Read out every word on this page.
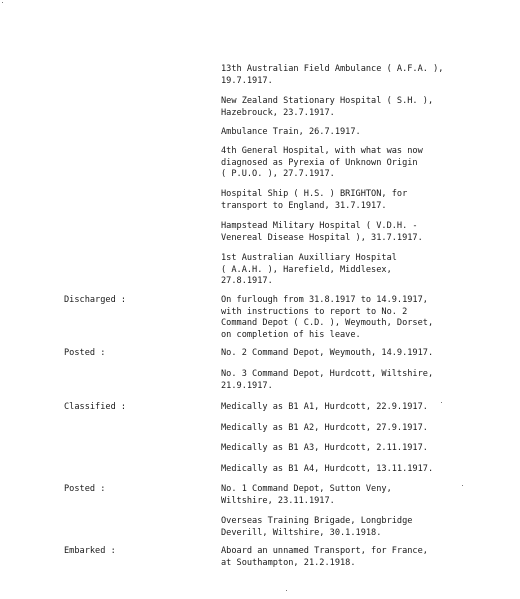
Discharged :
Posted :
Classified :
Posted :
Embarked :
13th Australian Field Ambulance ( A.F.A. ),
19.7.1917.
New Zealand Stationary Hospital ( S.H. ),
Hazebrouck, 23.7.1917.
Ambulance Train, 26.7.1917.
4th General Hospital, with what was now
diagnosed as Pyrexia of Unknown Origin
( P.U.O. ), 27.7.1917.
Hospital Ship ( H.S. ) BRIGHTON, for
transport to England, 31.7.1917.
Hampstead Military Hospital ( V.D.H. -
Venereal Disease Hospital ), 31.7.1917.
1st Australian Auxilliary Hospital
( A.A.H. ), Harefield, Middlesex,
27.8.1917.
On furlough from 31.8.1917 to 14.9.1917,
with instructions to report to No. 2
Command Depot ( C.D. ), Weymouth, Dorset,
on completion of his leave.
No. 2 Command Depot, Weymouth, 14.9.1917.
No. 3 Command Depot, Hurdcott, Wiltshire,
21.9.1917.
Medically as B1 A1, Hurdcott, 22.9.1917.
Medically as B1 A2, Hurdcott, 27.9.1917.
Medically as B1 A3, Hurdcott, 2.11.1917.
Medically as B1 A4, Hurdcott, 13.11.1917.
No. 1 Command Depot, Sutton Veny,
Wiltshire, 23.11.1917.
Overseas Training Brigade, Longbridge
Deverill, Wiltshire, 30.1.1918.
Aboard an unnamed Transport, for France,
at Southampton, 21.2.1918.
